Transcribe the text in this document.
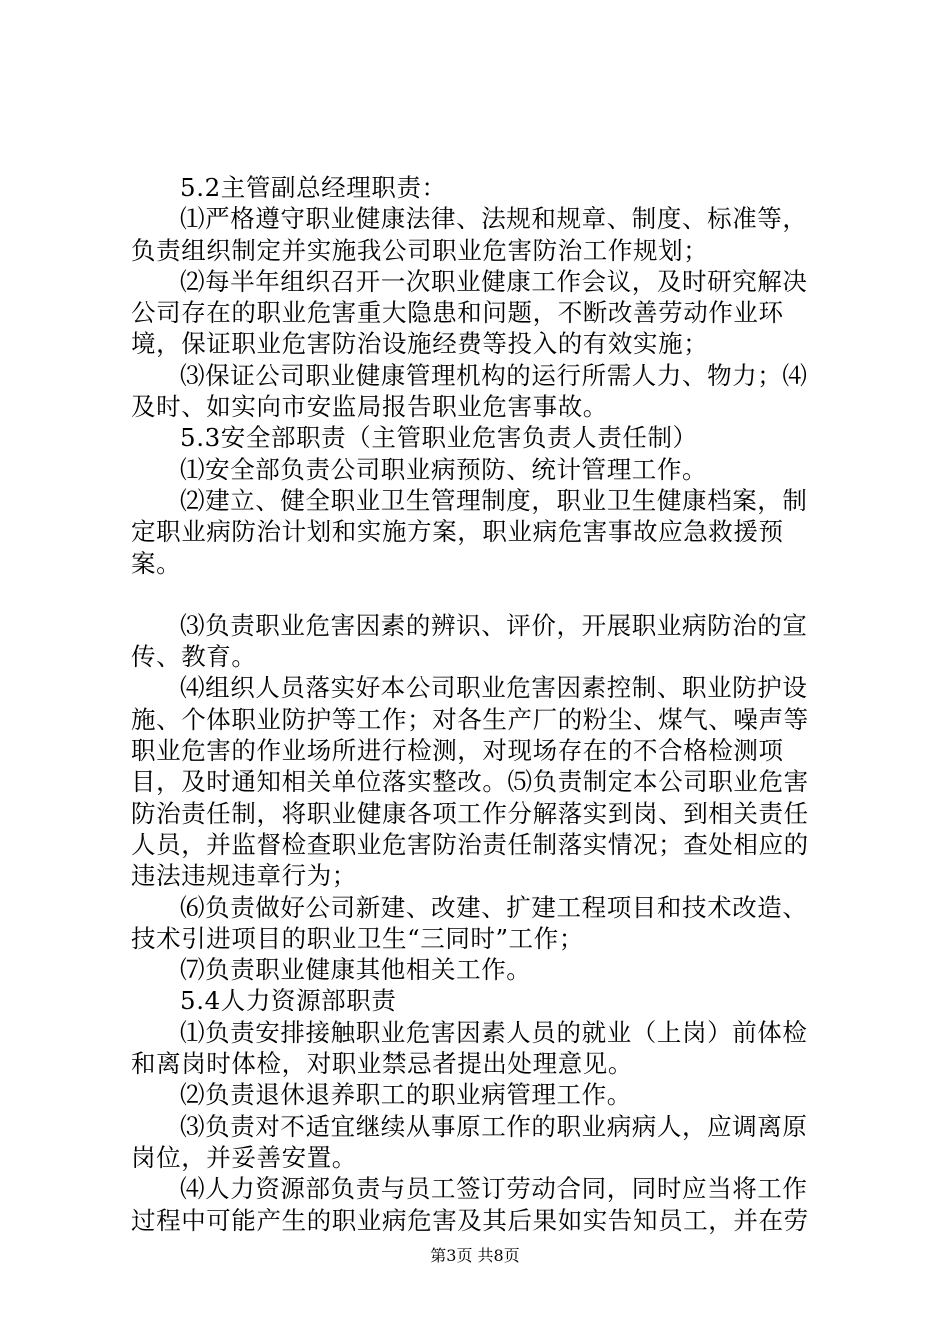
5.2主管副总经理职责：

⑴严格遵守职业健康法律、法规和规章、制度、标准等，负责组织制定并实施我公司职业危害防治工作规划；

⑵每半年组织召开一次职业健康工作会议，及时研究解决公司存在的职业危害重大隐患和问题，不断改善劳动作业环境，保证职业危害防治设施经费等投入的有效实施；

⑶保证公司职业健康管理机构的运行所需人力、物力；⑷及时、如实向市安监局报告职业危害事故。

5.3安全部职责（主管职业危害负责人责任制）

⑴安全部负责公司职业病预防、统计管理工作。

⑵建立、健全职业卫生管理制度，职业卫生健康档案，制定职业病防治计划和实施方案，职业病危害事故应急救援预案。

⑶负责职业危害因素的辨识、评价，开展职业病防治的宣传、教育。

⑷组织人员落实好本公司职业危害因素控制、职业防护设施、个体职业防护等工作；对各生产厂的粉尘、煤气、噪声等职业危害的作业场所进行检测，对现场存在的不合格检测项目，及时通知相关单位落实整改。⑸负责制定本公司职业危害防治责任制，将职业健康各项工作分解落实到岗、到相关责任人员，并监督检查职业危害防治责任制落实情况；查处相应的违法违规违章行为；

⑹负责做好公司新建、改建、扩建工程项目和技术改造、技术引进项目的职业卫生“三同时”工作；

⑺负责职业健康其他相关工作。

5.4人力资源部职责

⑴负责安排接触职业危害因素人员的就业（上岗）前体检和离岗时体检，对职业禁忌者提出处理意见。

⑵负责退休退养职工的职业病管理工作。

⑶负责对不适宜继续从事原工作的职业病病人，应调离原岗位，并妥善安置。

⑷人力资源部负责与员工签订劳动合同，同时应当将工作过程中可能产生的职业病危害及其后果如实告知员工，并在劳

第3页 共8页
